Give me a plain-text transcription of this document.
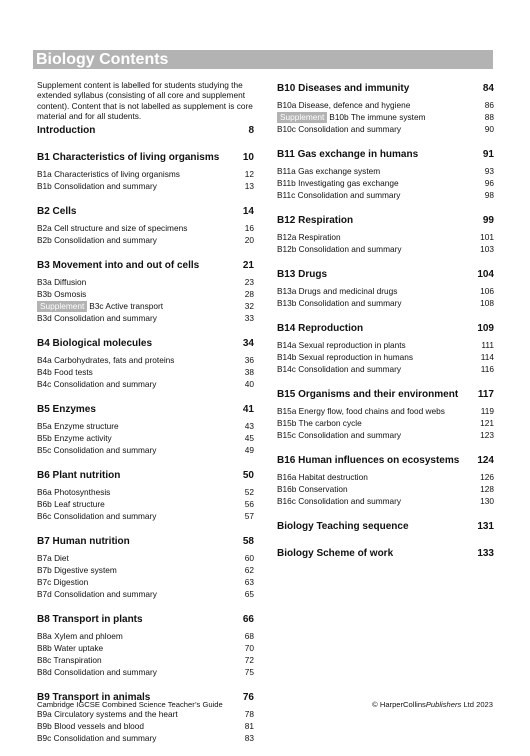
Biology Contents
Supplement content is labelled for students studying the extended syllabus (consisting of all core and supplement content). Content that is not labelled as supplement is core material and for all students.
Introduction	8
B1 Characteristics of living organisms 10
B1a Characteristics of living organisms	12
B1b Consolidation and summary	13
B2 Cells	14
B2a Cell structure and size of specimens	16
B2b Consolidation and summary	20
B3 Movement into and out of cells	21
B3a Diffusion	23
B3b Osmosis	28
Supplement B3c Active transport	32
B3d Consolidation and summary	33
B4 Biological molecules	34
B4a Carbohydrates, fats and proteins	36
B4b Food tests	38
B4c Consolidation and summary	40
B5 Enzymes	41
B5a Enzyme structure	43
B5b Enzyme activity	45
B5c Consolidation and summary	49
B6 Plant nutrition	50
B6a Photosynthesis	52
B6b Leaf structure	56
B6c Consolidation and summary	57
B7 Human nutrition	58
B7a Diet	60
B7b Digestive system	62
B7c Digestion	63
B7d Consolidation and summary	65
B8 Transport in plants	66
B8a Xylem and phloem	68
B8b Water uptake	70
B8c Transpiration	72
B8d Consolidation and summary	75
B9 Transport in animals	76
B9a Circulatory systems and the heart	78
B9b Blood vessels and blood	81
B9c Consolidation and summary	83
B10 Diseases and immunity	84
B10a Disease, defence and hygiene	86
Supplement B10b The immune system	88
B10c Consolidation and summary	90
B11 Gas exchange in humans	91
B11a Gas exchange system	93
B11b Investigating gas exchange	96
B11c Consolidation and summary	98
B12 Respiration	99
B12a Respiration	101
B12b Consolidation and summary	103
B13 Drugs	104
B13a Drugs and medicinal drugs	106
B13b Consolidation and summary	108
B14 Reproduction	109
B14a Sexual reproduction in plants	111
B14b Sexual reproduction in humans	114
B14c Consolidation and summary	116
B15 Organisms and their environment 117
B15a Energy flow, food chains and food webs	119
B15b The carbon cycle	121
B15c Consolidation and summary	123
B16 Human influences on ecosystems 124
B16a Habitat destruction	126
B16b Conservation	128
B16c Consolidation and summary	130
Biology Teaching sequence	131
Biology Scheme of work	133
Cambridge IGCSE Combined Science Teacher’s Guide	© HarperCollinsPublishers Ltd 2023
